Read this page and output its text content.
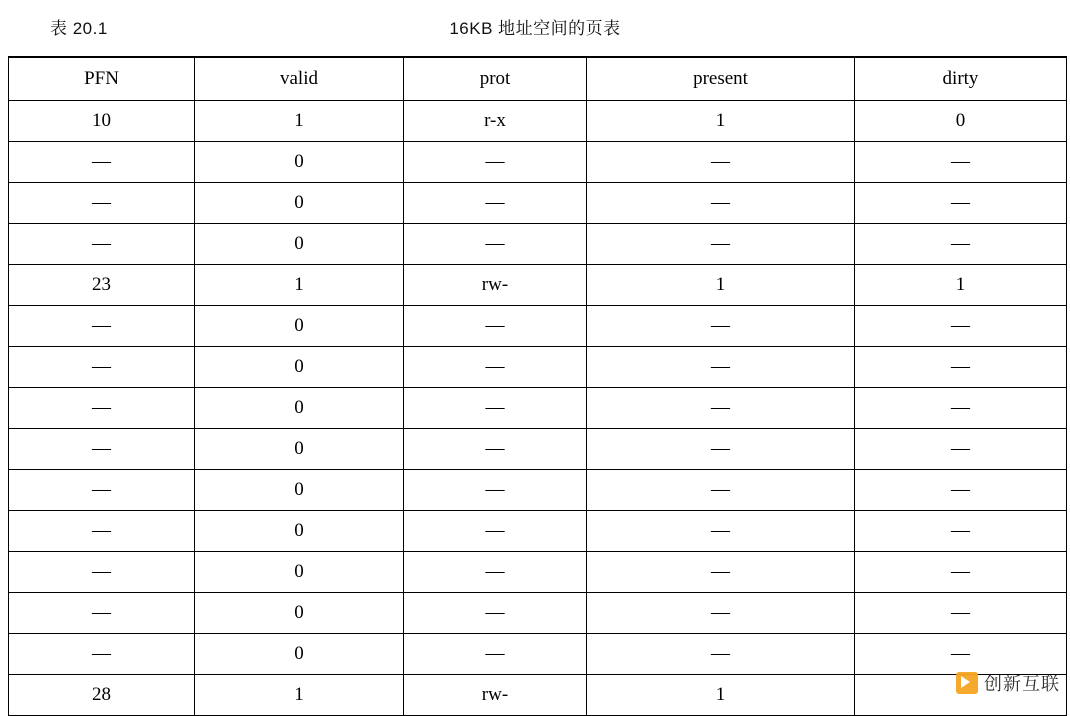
表 20.1	16KB 地址空间的页表
PFN	valid	prot	present	dirty
10	1	r-x	1	0
—	0	—	—	—
—	0	—	—	—
—	0	—	—	—
23	1	rw-	1	1
—	0	—	—	—
—	0	—	—	—
—	0	—	—	—
—	0	—	—	—
—	0	—	—	—
—	0	—	—	—
—	0	—	—	—
—	0	—	—	—
—	0	—	—	—
28	1	rw-	1		创新互联
